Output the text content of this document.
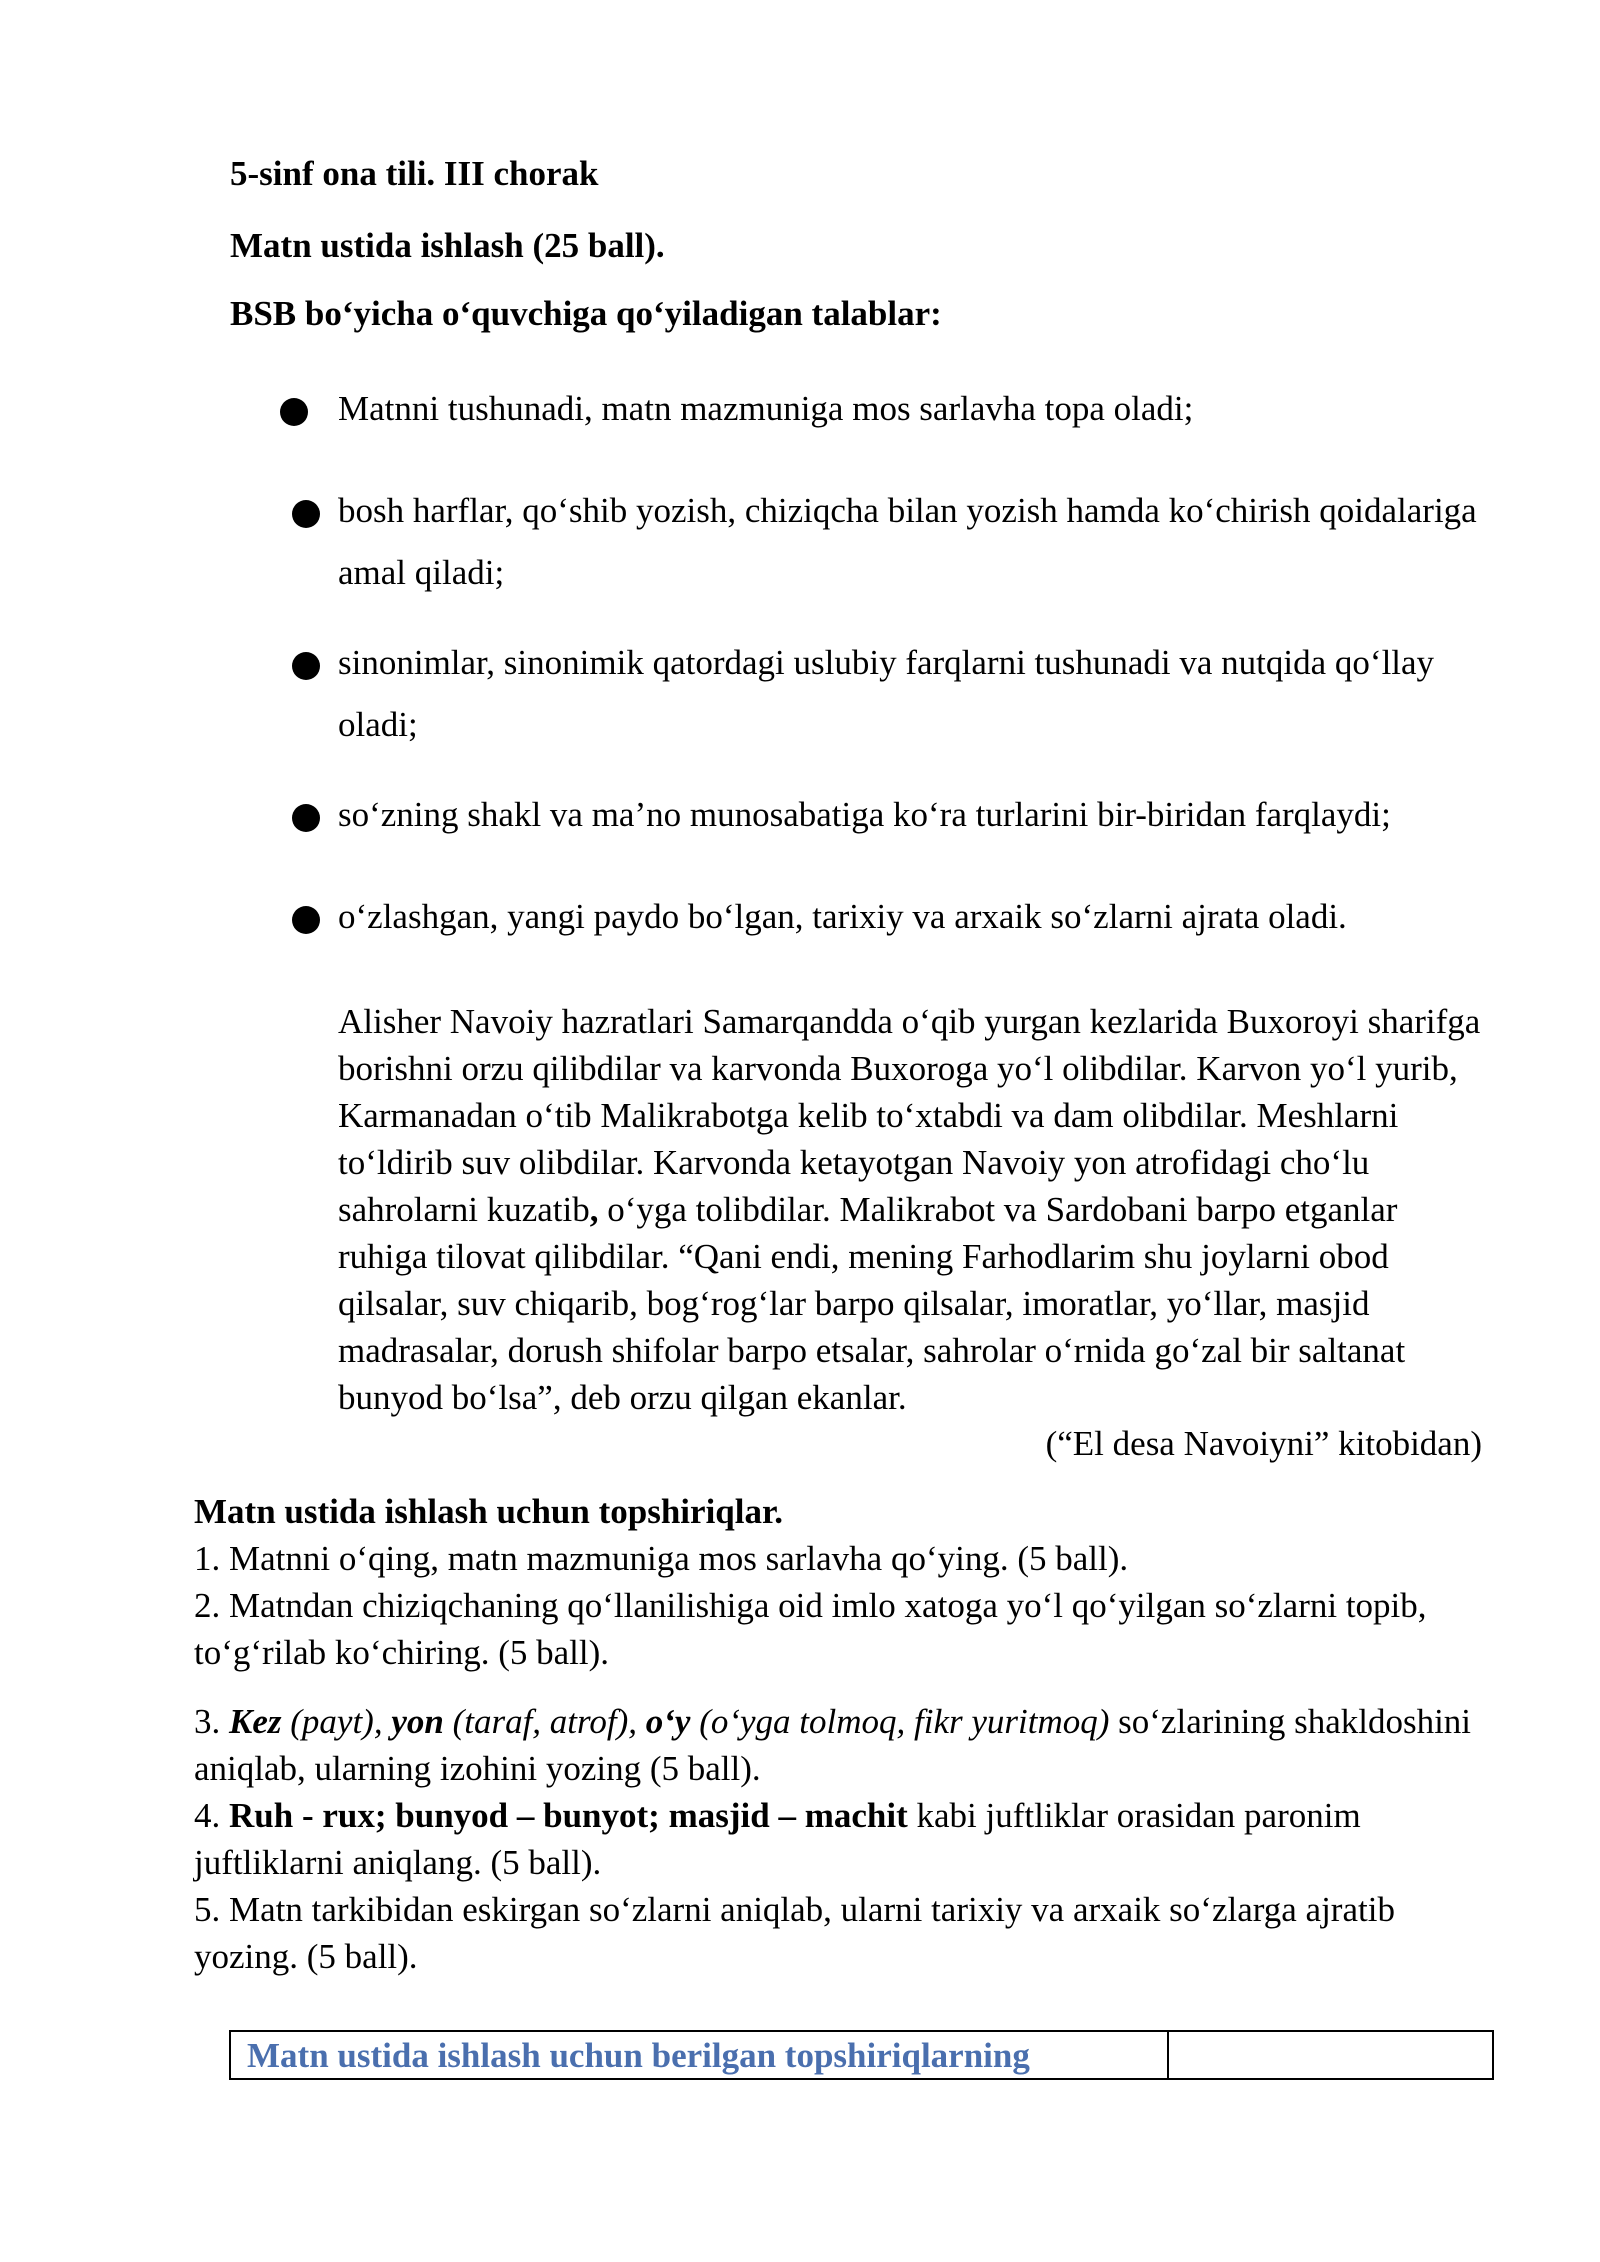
5-sinf ona tili. III chorak

Matn ustida ishlash (25 ball).

BSB bo‘yicha o‘quvchiga qo‘yiladigan talablar:

Matnni tushunadi, matn mazmuniga mos sarlavha topa oladi;
bosh harflar, qo‘shib yozish, chiziqcha bilan yozish hamda ko‘chirish qoidalariga amal qiladi;
sinonimlar, sinonimik qatordagi uslubiy farqlarni tushunadi va nutqida qo‘llay oladi;
so‘zning shakl va ma’no munosabatiga ko‘ra turlarini bir-biridan farqlaydi;
o‘zlashgan, yangi paydo bo‘lgan, tarixiy va arxaik so‘zlarni ajrata oladi.

Alisher Navoiy hazratlari Samarqandda o‘qib yurgan kezlarida Buxoroyi sharifga borishni orzu qilibdilar va karvonda Buxoroga yo‘l olibdilar. Karvon yo‘l yurib, Karmanadan o‘tib Malikrabotga kelib to‘xtabdi va dam olibdilar. Meshlarni to‘ldirib suv olibdilar. Karvonda ketayotgan Navoiy yon atrofidagi cho‘lu sahrolarni kuzatib, o‘yga tolibdilar. Malikrabot va Sardobani barpo etganlar ruhiga tilovat qilibdilar. “Qani endi, mening Farhodlarim shu joylarni obod qilsalar, suv chiqarib, bog‘rog‘lar barpo qilsalar, imoratlar, yo‘llar, masjid madrasalar, dorush shifolar barpo etsalar, sahrolar o‘rnida go‘zal bir saltanat bunyod bo‘lsa”, deb orzu qilgan ekanlar.

(“El desa Navoiyni” kitobidan)

Matn ustida ishlash uchun topshiriqlar.

1. Matnni o‘qing, matn mazmuniga mos sarlavha qo‘ying. (5 ball).

2. Matndan chiziqchaning qo‘llanilishiga oid imlo xatoga yo‘l qo‘yilgan so‘zlarni topib, to‘g‘rilab ko‘chiring. (5 ball).

3. Kez (payt), yon (taraf, atrof), o‘y (o‘yga tolmoq, fikr yuritmoq) so‘zlarining shakldoshini aniqlab, ularning izohini yozing (5 ball).

4. Ruh - rux; bunyod – bunyot; masjid – machit kabi juftliklar orasidan paronim juftliklarni aniqlang. (5 ball).

5. Matn tarkibidan eskirgan so‘zlarni aniqlab, ularni tarixiy va arxaik so‘zlarga ajratib yozing. (5 ball).

Matn ustida ishlash uchun berilgan topshiriqlarning
